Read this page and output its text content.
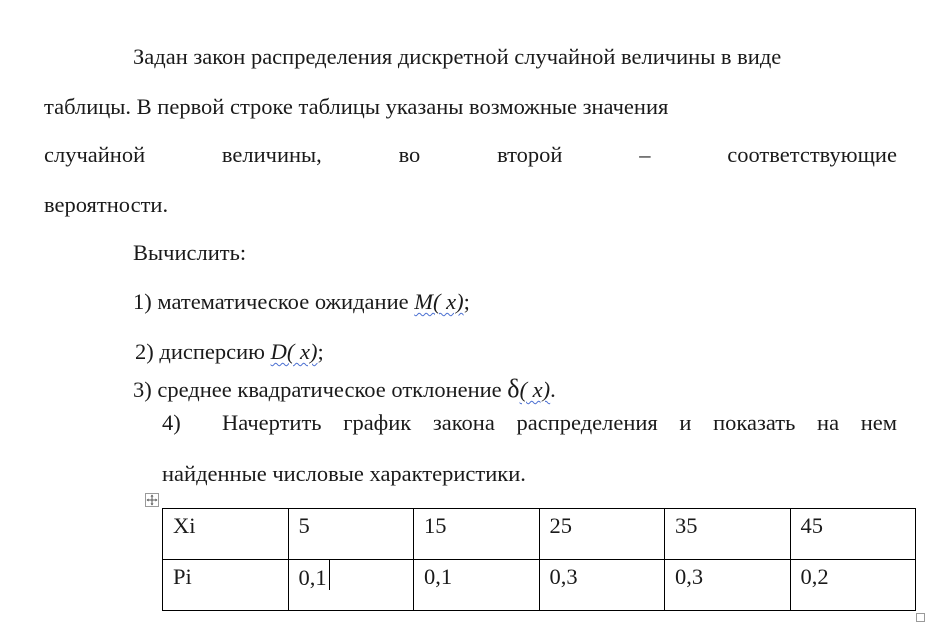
Задан закон распределения дискретной случайной величины в виде
таблицы. В первой строке таблицы указаны возможные значения
случайной	величины,	во	второй	–	соответствующие
вероятности.
Вычислить:
1) математическое ожидание M( x);
2) дисперсию D( x);
3) среднее квадратическое отклонение δ( x).
4) Начертить график закона распределения и показать на нем
найденные числовые характеристики.
Xi	5	15	25	35	45
Pi	0,1	0,1	0,3	0,3	0,2
